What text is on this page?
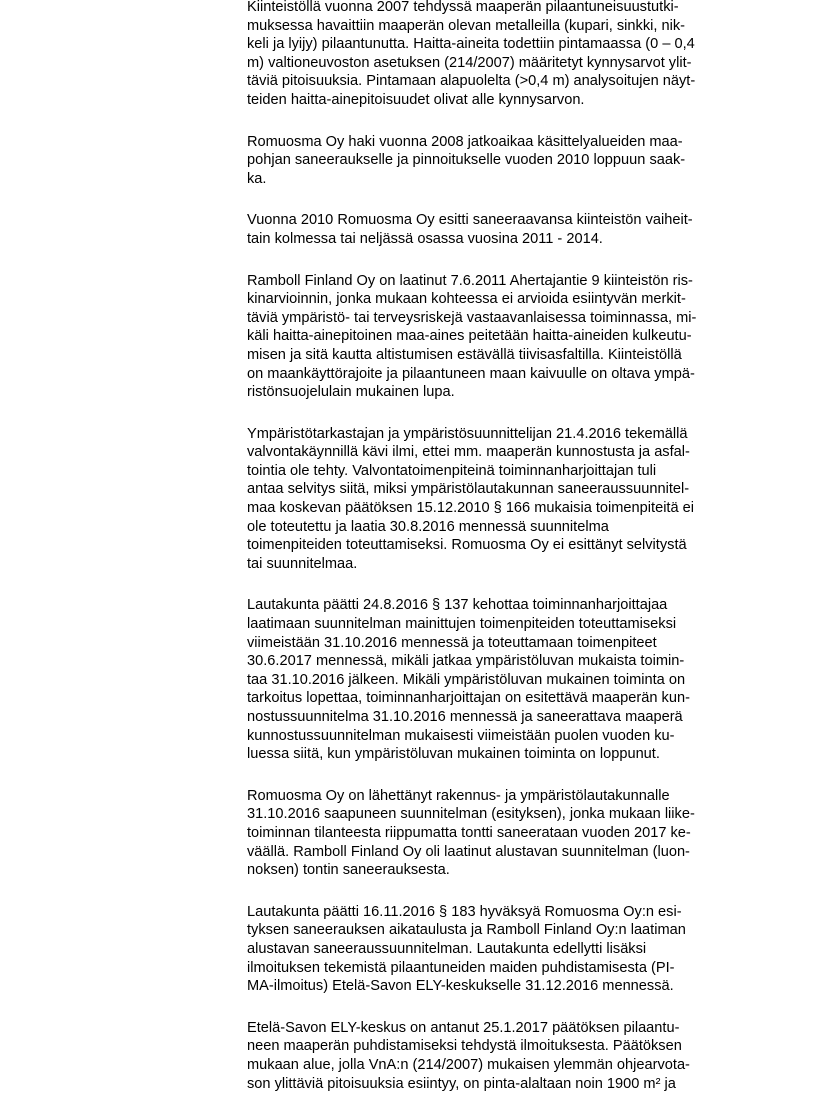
Kiinteistöllä vuonna 2007 tehdyssä maaperän pilaantuneisuustutki-
muksessa havaittiin maaperän olevan metalleilla (kupari, sinkki, nik-
keli ja lyijy) pilaantunutta. Haitta-aineita todettiin pintamaassa (0 – 0,4
m) valtioneuvoston asetuksen (214/2007) määritetyt kynnysarvot ylit-
täviä pitoisuuksia. Pintamaan alapuolelta (>0,4 m) analysoitujen näyt-
teiden haitta-ainepitoisuudet olivat alle kynnysarvon.

Romuosma Oy haki vuonna 2008 jatkoaikaa käsittelyalueiden maa-
pohjan saneeraukselle ja pinnoitukselle vuoden 2010 loppuun saak-
ka.

Vuonna 2010 Romuosma Oy esitti saneeraavansa kiinteistön vaiheit-
tain kolmessa tai neljässä osassa vuosina 2011 - 2014.

Ramboll Finland Oy on laatinut 7.6.2011 Ahertajantie 9 kiinteistön ris-
kinarvioinnin, jonka mukaan kohteessa ei arvioida esiintyvän merkit-
täviä ympäristö- tai terveysriskejä vastaavanlaisessa toiminnassa, mi-
käli haitta-ainepitoinen maa-aines peitetään haitta-aineiden kulkeutu-
misen ja sitä kautta altistumisen estävällä tiivisasfaltilla. Kiinteistöllä
on maankäyttörajoite ja pilaantuneen maan kaivuulle on oltava ympä-
ristönsuojelulain mukainen lupa.

Ympäristötarkastajan ja ympäristösuunnittelijan 21.4.2016 tekemällä
valvontakäynnillä kävi ilmi, ettei mm. maaperän kunnostusta ja asfal-
tointia ole tehty. Valvontatoimenpiteinä toiminnanharjoittajan tuli
antaa selvitys siitä, miksi ympäristölautakunnan saneeraussuunnitel-
maa koskevan päätöksen 15.12.2010 § 166 mukaisia toimenpiteitä ei
ole toteutettu ja laatia 30.8.2016 mennessä suunnitelma
toimenpiteiden toteuttamiseksi. Romuosma Oy ei esittänyt selvitystä
tai suunnitelmaa.

Lautakunta päätti 24.8.2016 § 137 kehottaa toiminnanharjoittajaa
laatimaan suunnitelman mainittujen toimenpiteiden toteuttamiseksi
viimeistään 31.10.2016 mennessä ja toteuttamaan toimenpiteet
30.6.2017 mennessä, mikäli jatkaa ympäristöluvan mukaista toimin-
taa 31.10.2016 jälkeen. Mikäli ympäristöluvan mukainen toiminta on
tarkoitus lopettaa, toiminnanharjoittajan on esitettävä maaperän kun-
nostussuunnitelma 31.10.2016 mennessä ja saneerattava maaperä
kunnostussuunnitelman mukaisesti viimeistään puolen vuoden ku-
luessa siitä, kun ympäristöluvan mukainen toiminta on loppunut.

Romuosma Oy on lähettänyt rakennus- ja ympäristölautakunnalle
31.10.2016 saapuneen suunnitelman (esityksen), jonka mukaan liike-
toiminnan tilanteesta riippumatta tontti saneerataan vuoden 2017 ke-
väällä. Ramboll Finland Oy oli laatinut alustavan suunnitelman (luon-
noksen) tontin saneerauksesta.

Lautakunta päätti 16.11.2016 § 183 hyväksyä Romuosma Oy:n esi-
tyksen saneerauksen aikataulusta ja Ramboll Finland Oy:n laatiman
alustavan saneeraussuunnitelman. Lautakunta edellytti lisäksi
ilmoituksen tekemistä pilaantuneiden maiden puhdistamisesta (PI-
MA-ilmoitus) Etelä-Savon ELY-keskukselle 31.12.2016 mennessä.

Etelä-Savon ELY-keskus on antanut 25.1.2017 päätöksen pilaantu-
neen maaperän puhdistamiseksi tehdystä ilmoituksesta. Päätöksen
mukaan alue, jolla VnA:n (214/2007) mukaisen ylemmän ohjearvota-
son ylittäviä pitoisuuksia esiintyy, on pinta-alaltaan noin 1900 m² ja
